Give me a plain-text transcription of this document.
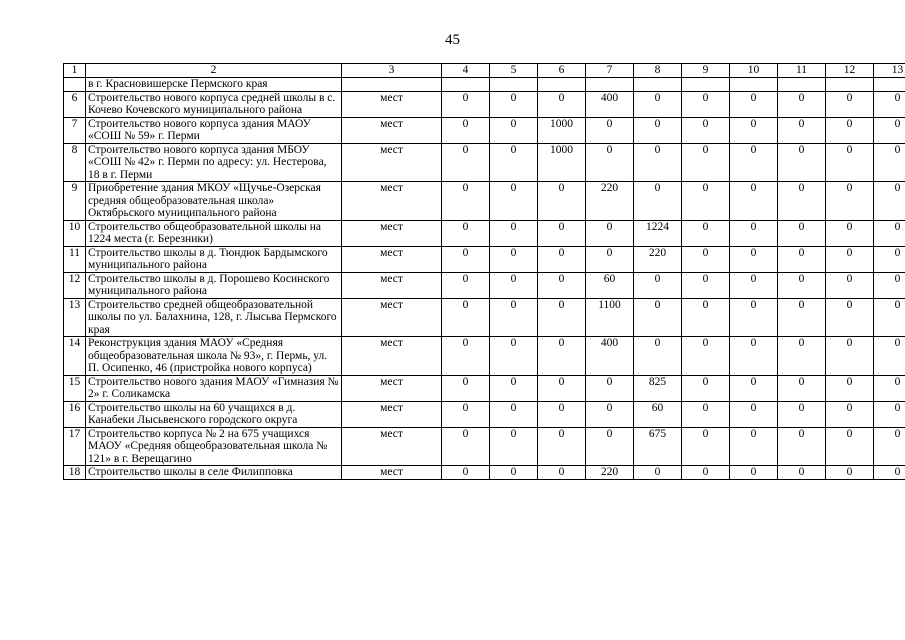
45
1	2	3	4	5	6	7	8	9	10	11	12	13
	в г. Красновишерске Пермского края											
6	Строительство нового корпуса средней школы в с. Кочево Кочевского муниципального района	мест	0	0	0	400	0	0	0	0	0	0
7	Строительство нового корпуса здания МАОУ «СОШ № 59» г. Перми	мест	0	0	1000	0	0	0	0	0	0	0
8	Строительство нового корпуса здания МБОУ «СОШ № 42» г. Перми по адресу: ул. Нестерова, 18 в г. Перми	мест	0	0	1000	0	0	0	0	0	0	0
9	Приобретение здания МКОУ «Щучье-Озерская средняя общеобразовательная школа» Октябрьского муниципального района	мест	0	0	0	220	0	0	0	0	0	0
10	Строительство общеобразовательной школы на 1224 места (г. Березники)	мест	0	0	0	0	1224	0	0	0	0	0
11	Строительство школы в д. Тюндюк Бардымского муниципального района	мест	0	0	0	0	220	0	0	0	0	0
12	Строительство школы в д. Порошево Косинского муниципального района	мест	0	0	0	60	0	0	0	0	0	0
13	Строительство средней общеобразовательной школы по ул. Балахнина, 128, г. Лысьва Пермского края	мест	0	0	0	1100	0	0	0	0	0	0
14	Реконструкция здания МАОУ «Средняя общеобразовательная школа № 93», г. Пермь, ул. П. Осипенко, 46 (пристройка нового корпуса)	мест	0	0	0	400	0	0	0	0	0	0
15	Строительство нового здания МАОУ «Гимназия № 2» г. Соликамска	мест	0	0	0	0	825	0	0	0	0	0
16	Строительство школы на 60 учащихся в д. Канабеки Лысьвенского городского округа	мест	0	0	0	0	60	0	0	0	0	0
17	Строительство корпуса № 2 на 675 учащихся МАОУ «Средняя общеобразовательная школа № 121» в г. Верещагино	мест	0	0	0	0	675	0	0	0	0	0
18	Строительство школы в селе Филипповка	мест	0	0	0	220	0	0	0	0	0	0
